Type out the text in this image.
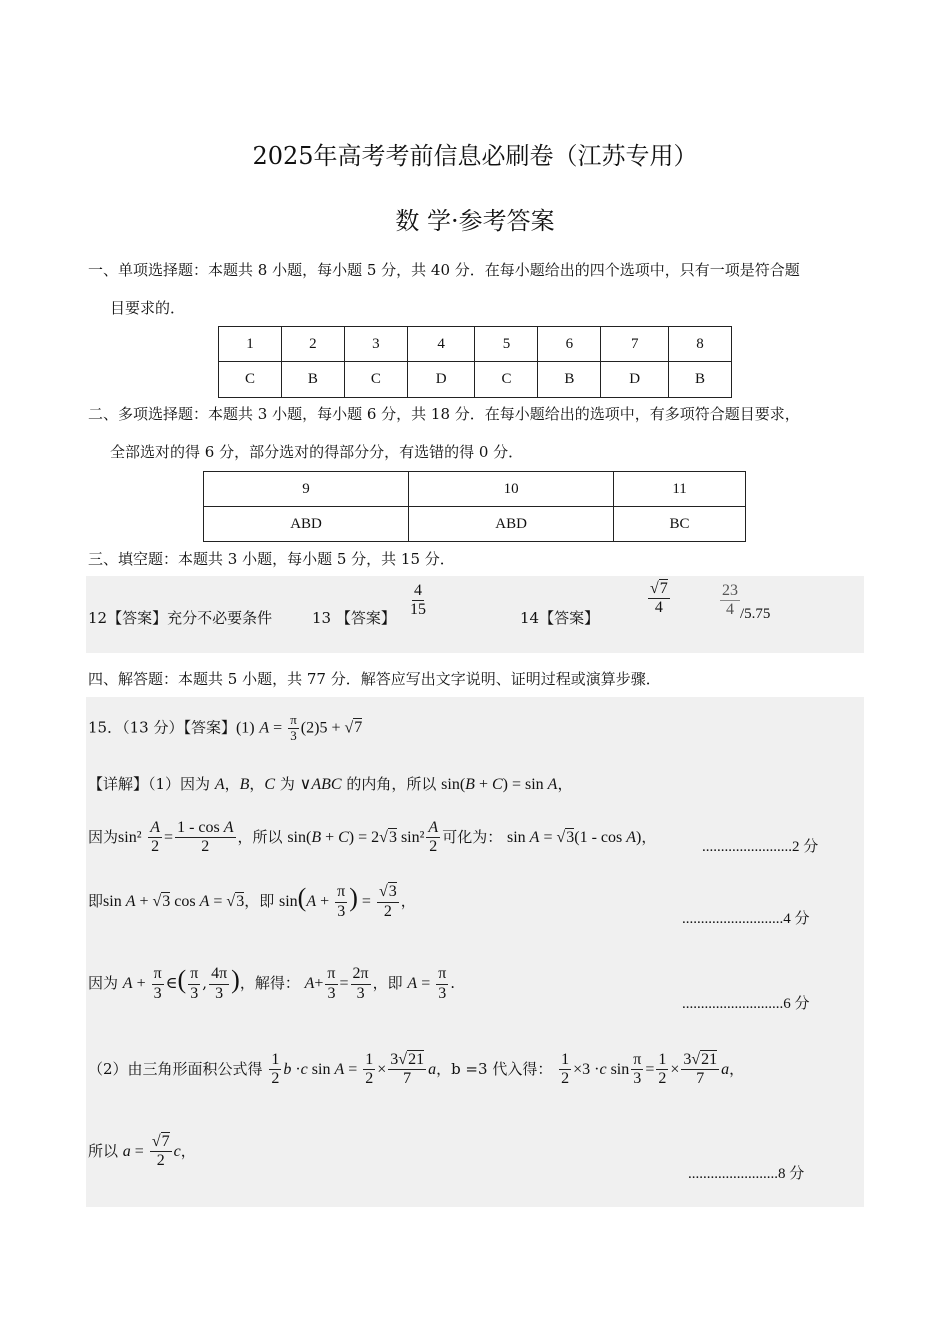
2025年高考考前信息必刷卷（江苏专用）
数 学·参考答案
一、单项选择题：本题共 8 小题，每小题 5 分，共 40 分．在每小题给出的四个选项中，只有一项是符合题
目要求的．
1	2	3	4	5	6	7	8
C	B	C	D	C	B	D	B
二、多项选择题：本题共 3 小题，每小题 6 分，共 18 分．在每小题给出的选项中，有多项符合题目要求，
全部选对的得 6 分，部分选对的得部分分，有选错的得 0 分．
9	10	11
ABD	ABD	BC
三、填空题：本题共 3 小题，每小题 5 分，共 15 分．
12【答案】充分不必要条件	13 【答案】 $\frac{4}{15}$	14【答案】
$\frac{√7}{4}$	$\frac{23}{4} /5.75$
四、解答题：本题共 5 小题，共 77 分．解答应写出文字说明、证明过程或演算步骤．
15．（13 分）【答案】(1) $A = \frac{\pi}{3} (2)5 + √7$
【详解】（1）因为 A，B，C 为 ∨ABC 的内角，所以 sin(B + C) = sin A，
因为$\sin^2 \frac{A}{2} = \frac{\text{1 - cos A}}{2}$ ，所以 sin(B + C) = 2√3 $\sin^2 \frac{A}{2}$ 可化为： sin A = √3(1 - cos A)，
........................2 分
即sin A + √3 cos A = √3，即 $\sin(A + \frac{\pi}{3}$ ) = $\frac{√3}{2}$ ，
...........................4 分
因为 $A + \frac{\pi}{3}$ ∈( $\frac{\pi}{3}$ , $\frac{4\pi}{3}$ )，解得： $A+ \frac{\pi}{3} = \frac{2\pi}{3}$ ，即 $A = \frac{\pi}{3}$ .
...........................6 分
（2）由三角形面积公式得 $\frac{1}{2}$ b ·c $\sin A = \frac{1}{2} \times \frac{3√21}{7}$ a，b =3 代入得： $\frac{1}{2} \times 3 \cdot c$ $\sin \frac{\pi}{3} = \frac{1}{2} \times \frac{3√21}{7}$ a，
所以 $a = \frac{√7}{2}$ c，
........................8 分
